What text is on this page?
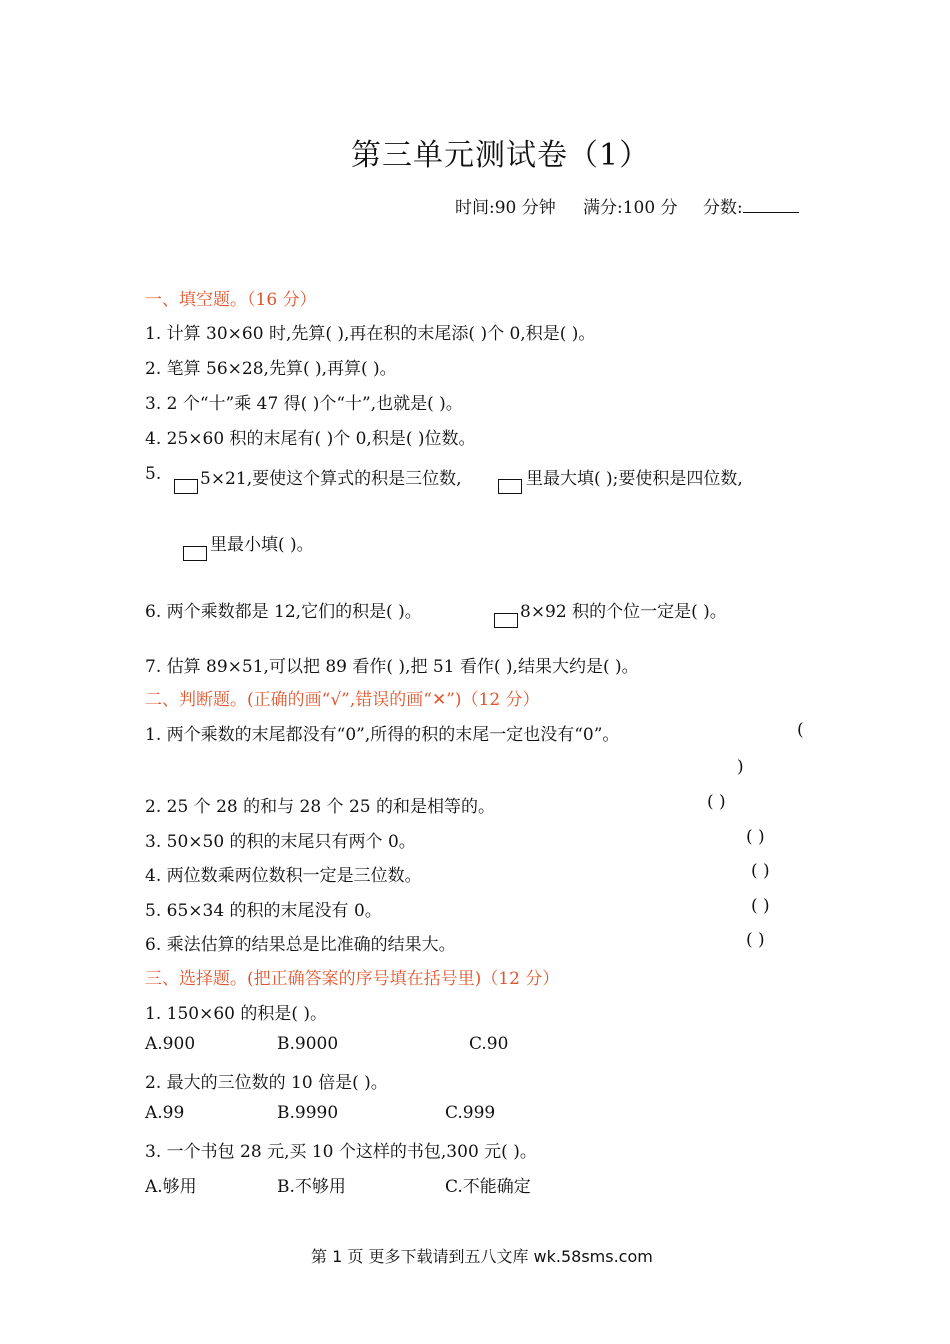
第三单元测试卷（1）
时间:90 分钟 满分:100 分 分数:
一、填空题。（16 分）
1. 计算 30×60 时,先算( ),再在积的末尾添( )个 0,积是( )。
2. 笔算 56×28,先算( ),再算( )。
3. 2 个“十”乘 47 得( )个“十”,也就是( )。
4. 25×60 积的末尾有( )个 0,积是( )位数。
5. 5×21,要使这个算式的积是三位数,	里最大填( );要使积是四位数,
里最小填( )。
6. 两个乘数都是 12,它们的积是( )。	8×92 积的个位一定是( )。
7. 估算 89×51,可以把 89 看作( ),把 51 看作( ),结果大约是( )。
二、判断题。(正确的画“√”,错误的画“✕”)（12 分）
1. 两个乘数的末尾都没有“0”,所得的积的末尾一定也没有“0”。	(
)
2. 25 个 28 的和与 28 个 25 的和是相等的。	( )
3. 50×50 的积的末尾只有两个 0。	( )
4. 两位数乘两位数积一定是三位数。	( )
5. 65×34 的积的末尾没有 0。	( )
6. 乘法估算的结果总是比准确的结果大。	( )
三、选择题。(把正确答案的序号填在括号里)（12 分）
1. 150×60 的积是( )。
A.900	B.9000	C.90
2. 最大的三位数的 10 倍是( )。
A.99	B.9990	C.999
3. 一个书包 28 元,买 10 个这样的书包,300 元( )。
A.够用	B.不够用	C.不能确定
第 1 页 更多下载请到五八文库 wk.58sms.com
